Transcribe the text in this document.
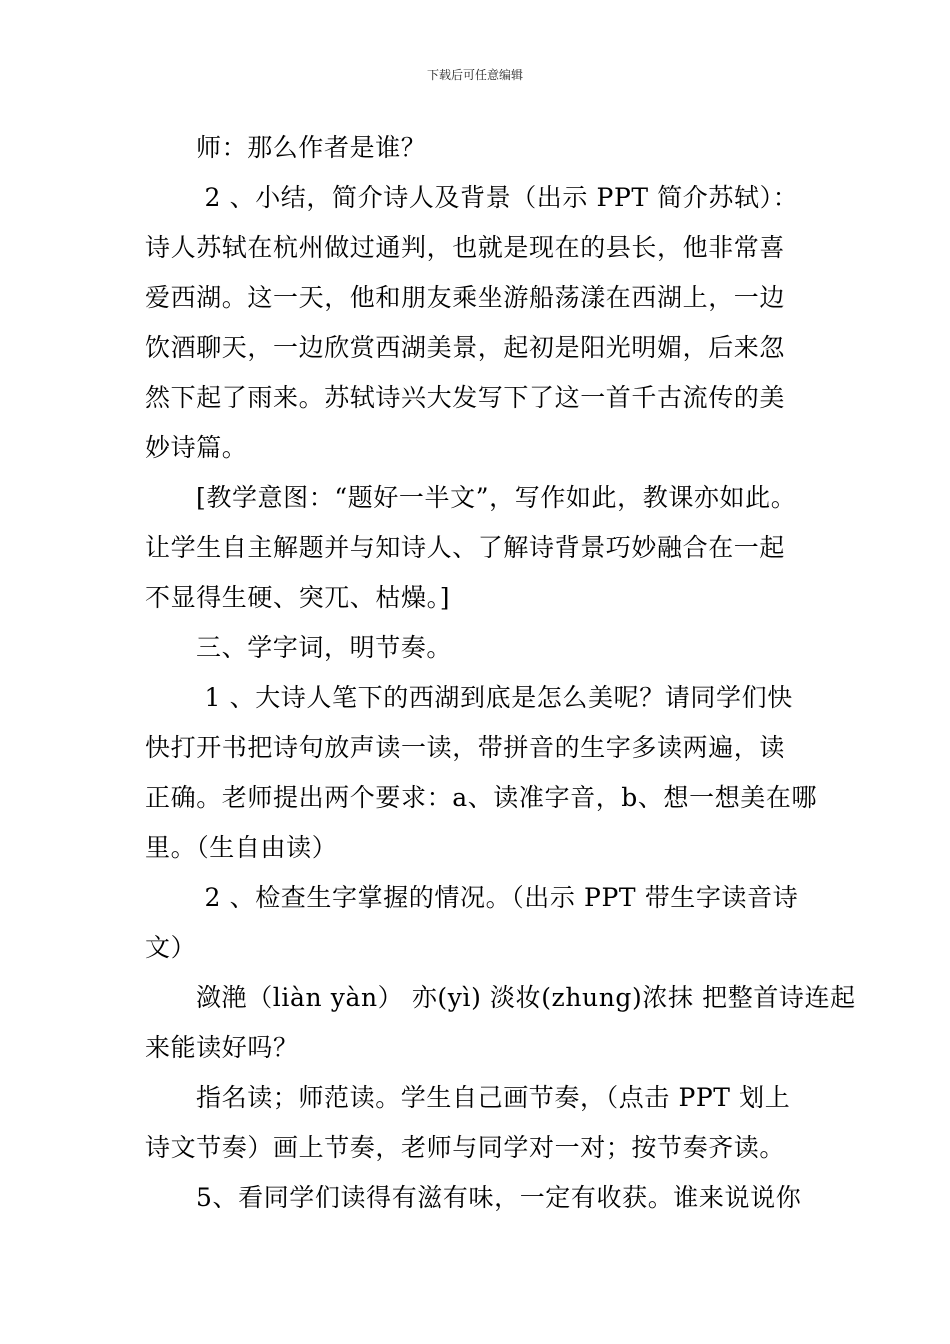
下载后可任意编辑
师：那么作者是谁？
2 、小结，简介诗人及背景（出示 PPT 简介苏轼）：
诗人苏轼在杭州做过通判，也就是现在的县长，他非常喜
爱西湖。这一天，他和朋友乘坐游船荡漾在西湖上，一边
饮酒聊天，一边欣赏西湖美景，起初是阳光明媚，后来忽
然下起了雨来。苏轼诗兴大发写下了这一首千古流传的美
妙诗篇。
[教学意图：“题好一半文”，写作如此，教课亦如此。
让学生自主解题并与知诗人、了解诗背景巧妙融合在一起
不显得生硬、突兀、枯燥。]
三、学字词，明节奏。
1 、大诗人笔下的西湖到底是怎么美呢？请同学们快
快打开书把诗句放声读一读，带拼音的生字多读两遍，读
正确。老师提出两个要求：a、读准字音，b、想一想美在哪
里。（生自由读）
2 、检查生字掌握的情况。（出示 PPT 带生字读音诗
文）
潋滟（liàn yàn） 亦(yì) 淡妆(zhung)浓抹 把整首诗连起
来能读好吗？
指名读；师范读。学生自己画节奏，（点击 PPT 划上
诗文节奏）画上节奏，老师与同学对一对；按节奏齐读。
5、看同学们读得有滋有味，一定有收获。谁来说说你
